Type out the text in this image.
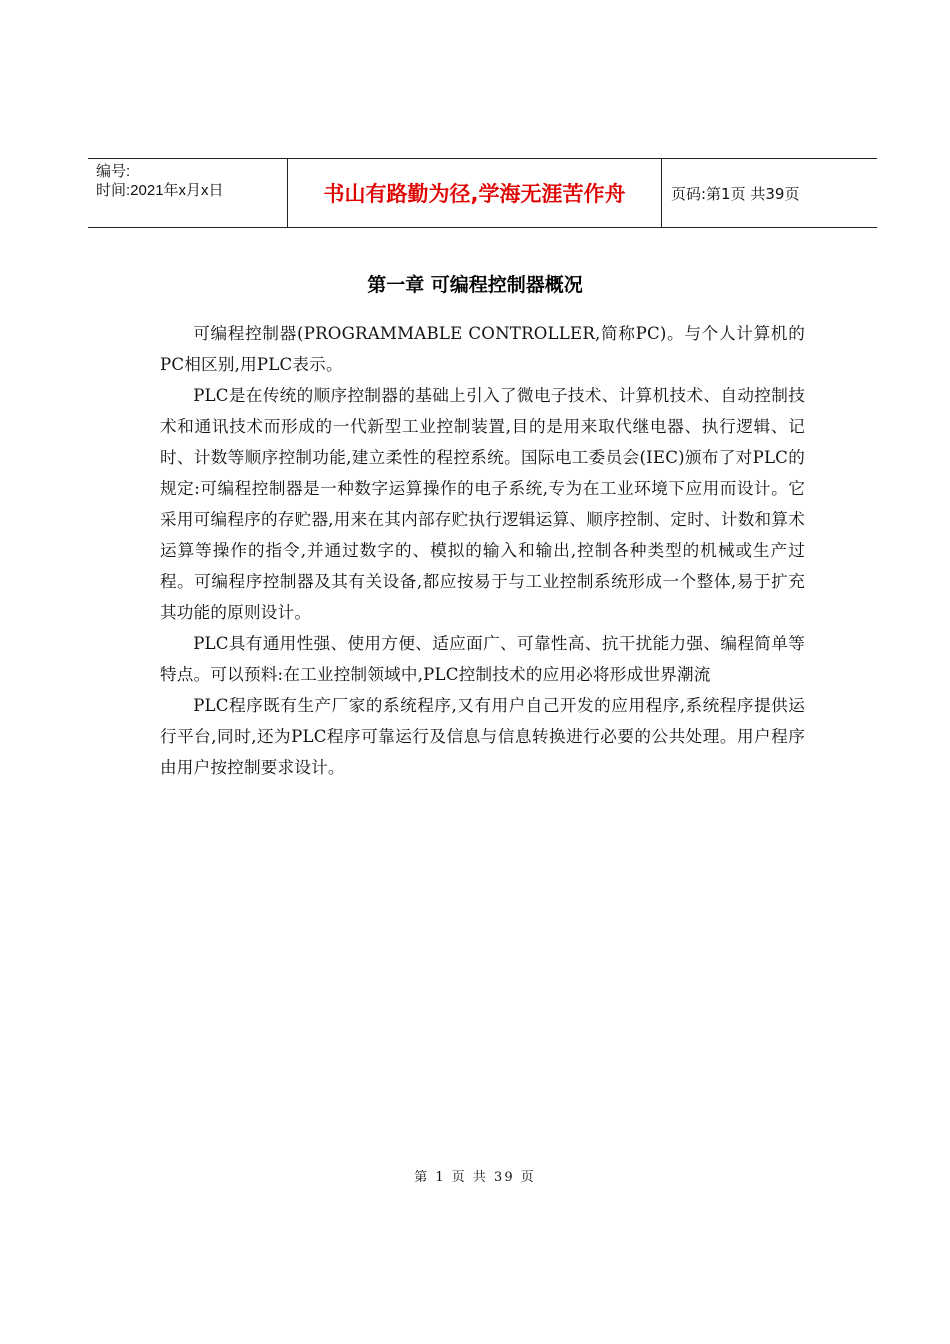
编号:
时间:2021年x月x日	书山有路勤为径,学海无涯苦作舟	页码:第1页 共39页
第一章 可编程控制器概况

可编程控制器(PROGRAMMABLE CONTROLLER,简称PC)。与个人计算机的PC相区别,用PLC表示。

PLC是在传统的顺序控制器的基础上引入了微电子技术、计算机技术、自动控制技术和通讯技术而形成的一代新型工业控制装置,目的是用来取代继电器、执行逻辑、记时、计数等顺序控制功能,建立柔性的程控系统。国际电工委员会(IEC)颁布了对PLC的规定:可编程控制器是一种数字运算操作的电子系统,专为在工业环境下应用而设计。它采用可编程序的存贮器,用来在其内部存贮执行逻辑运算、顺序控制、定时、计数和算术运算等操作的指令,并通过数字的、模拟的输入和输出,控制各种类型的机械或生产过程。可编程序控制器及其有关设备,都应按易于与工业控制系统形成一个整体,易于扩充其功能的原则设计。

PLC具有通用性强、使用方便、适应面广、可靠性高、抗干扰能力强、编程简单等特点。可以预料:在工业控制领域中,PLC控制技术的应用必将形成世界潮流

PLC程序既有生产厂家的系统程序,又有用户自己开发的应用程序,系统程序提供运行平台,同时,还为PLC程序可靠运行及信息与信息转换进行必要的公共处理。用户程序由用户按控制要求设计。

第 1 页 共 39 页
